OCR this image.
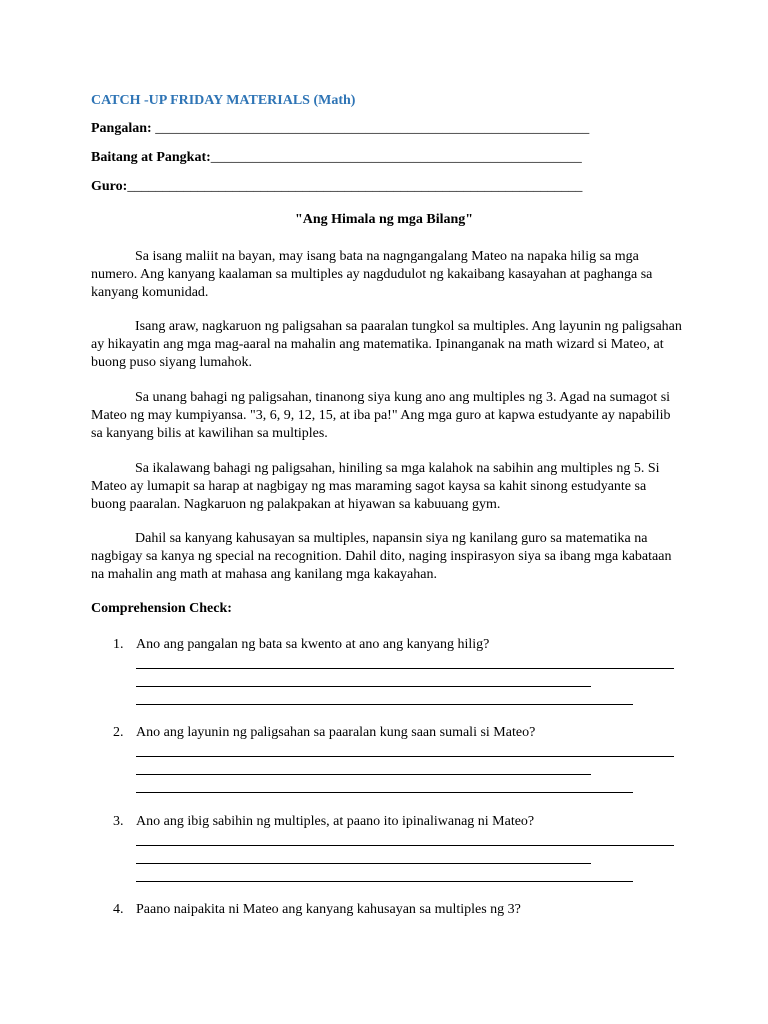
CATCH -UP FRIDAY MATERIALS (Math)
Pangalan: ______________________________________________________________
Baitang at Pangkat:_____________________________________________________
Guro:_________________________________________________________________
"Ang Himala ng mga Bilang"

Sa isang maliit na bayan, may isang bata na nagngangalang Mateo na napaka hilig sa mga numero. Ang kanyang kaalaman sa multiples ay nagdudulot ng kakaibang kasayahan at paghanga sa kanyang komunidad.

Isang araw, nagkaruon ng paligsahan sa paaralan tungkol sa multiples. Ang layunin ng paligsahan ay hikayatin ang mga mag-aaral na mahalin ang matematika. Ipinanganak na math wizard si Mateo, at buong puso siyang lumahok.

Sa unang bahagi ng paligsahan, tinanong siya kung ano ang multiples ng 3. Agad na sumagot si Mateo ng may kumpiyansa. "3, 6, 9, 12, 15, at iba pa!" Ang mga guro at kapwa estudyante ay napabilib sa kanyang bilis at kawilihan sa multiples.

Sa ikalawang bahagi ng paligsahan, hiniling sa mga kalahok na sabihin ang multiples ng 5. Si Mateo ay lumapit sa harap at nagbigay ng mas maraming sagot kaysa sa kahit sinong estudyante sa buong paaralan. Nagkaruon ng palakpakan at hiyawan sa kabuuang gym.

Dahil sa kanyang kahusayan sa multiples, napansin siya ng kanilang guro sa matematika na nagbigay sa kanya ng special na recognition. Dahil dito, naging inspirasyon siya sa ibang mga kabataan na mahalin ang math at mahasa ang kanilang mga kakayahan.

Comprehension Check:
1. Ano ang pangalan ng bata sa kwento at ano ang kanyang hilig?
2. Ano ang layunin ng paligsahan sa paaralan kung saan sumali si Mateo?
3. Ano ang ibig sabihin ng multiples, at paano ito ipinaliwanag ni Mateo?
4. Paano naipakita ni Mateo ang kanyang kahusayan sa multiples ng 3?
